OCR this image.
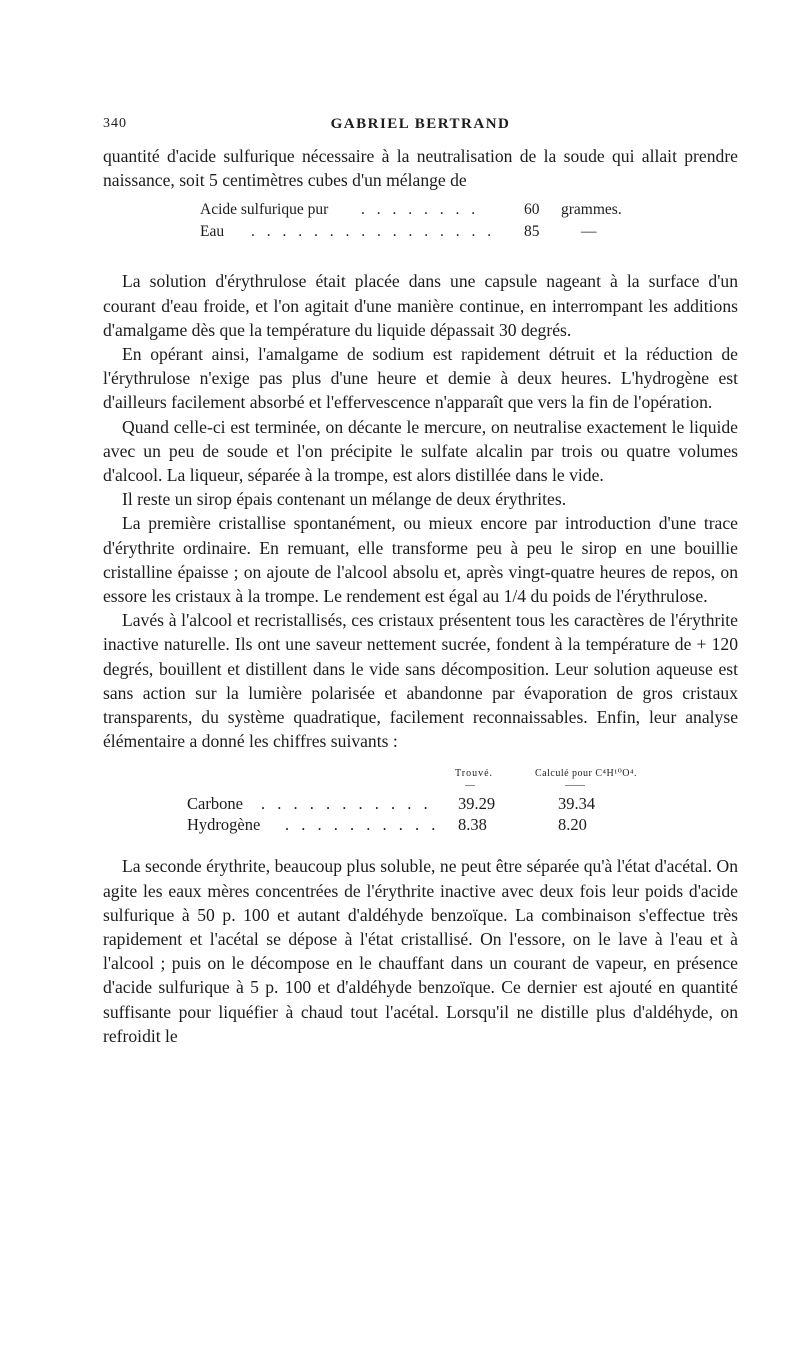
340	GABRIEL BERTRAND

quantité d'acide sulfurique nécessaire à la neutralisation de la soude qui allait prendre naissance, soit 5 centimètres cubes d'un mélange de

Acide sulfurique pur . . . . . . . .	60 grammes.
Eau . . . . . . . . . . . . . . . . 85	—

La solution d'érythrulose était placée dans une capsule nageant à la surface d'un courant d'eau froide, et l'on agitait d'une manière continue, en interrompant les additions d'amalgame dès que la température du liquide dépassait 30 degrés.

En opérant ainsi, l'amalgame de sodium est rapidement détruit et la réduction de l'érythrulose n'exige pas plus d'une heure et demie à deux heures. L'hydrogène est d'ailleurs facilement absorbé et l'effervescence n'apparaît que vers la fin de l'opération.

Quand celle-ci est terminée, on décante le mercure, on neutralise exactement le liquide avec un peu de soude et l'on précipite le sulfate alcalin par trois ou quatre volumes d'alcool. La liqueur, séparée à la trompe, est alors distillée dans le vide.

Il reste un sirop épais contenant un mélange de deux érythrites.

La première cristallise spontanément, ou mieux encore par introduction d'une trace d'érythrite ordinaire. En remuant, elle transforme peu à peu le sirop en une bouillie cristalline épaisse ; on ajoute de l'alcool absolu et, après vingt-quatre heures de repos, on essore les cristaux à la trompe. Le rendement est égal au 1/4 du poids de l'érythrulose.

Lavés à l'alcool et recristallisés, ces cristaux présentent tous les caractères de l'érythrite inactive naturelle. Ils ont une saveur nettement sucrée, fondent à la température de + 120 degrés, bouillent et distillent dans le vide sans décomposition. Leur solution aqueuse est sans action sur la lumière polarisée et abandonne par évaporation de gros cristaux transparents, du système quadratique, facilement reconnaissables. Enfin, leur analyse élémentaire a donné les chiffres suivants :

Trouvé.	Calculé pour C⁴H¹⁰O⁴.
—	——
Carbone . . . . . . . . . . . 39.29	39.34
Hydrogène . . . . . . . . . . 8.38	8.20

La seconde érythrite, beaucoup plus soluble, ne peut être séparée qu'à l'état d'acétal. On agite les eaux mères concentrées de l'érythrite inactive avec deux fois leur poids d'acide sulfurique à 50 p. 100 et autant d'aldéhyde benzoïque. La combinaison s'effectue très rapidement et l'acétal se dépose à l'état cristallisé. On l'essore, on le lave à l'eau et à l'alcool ; puis on le décompose en le chauffant dans un courant de vapeur, en présence d'acide sulfurique à 5 p. 100 et d'aldéhyde benzoïque. Ce dernier est ajouté en quantité suffisante pour liquéfier à chaud tout l'acétal. Lorsqu'il ne distille plus d'aldéhyde, on refroidit le
